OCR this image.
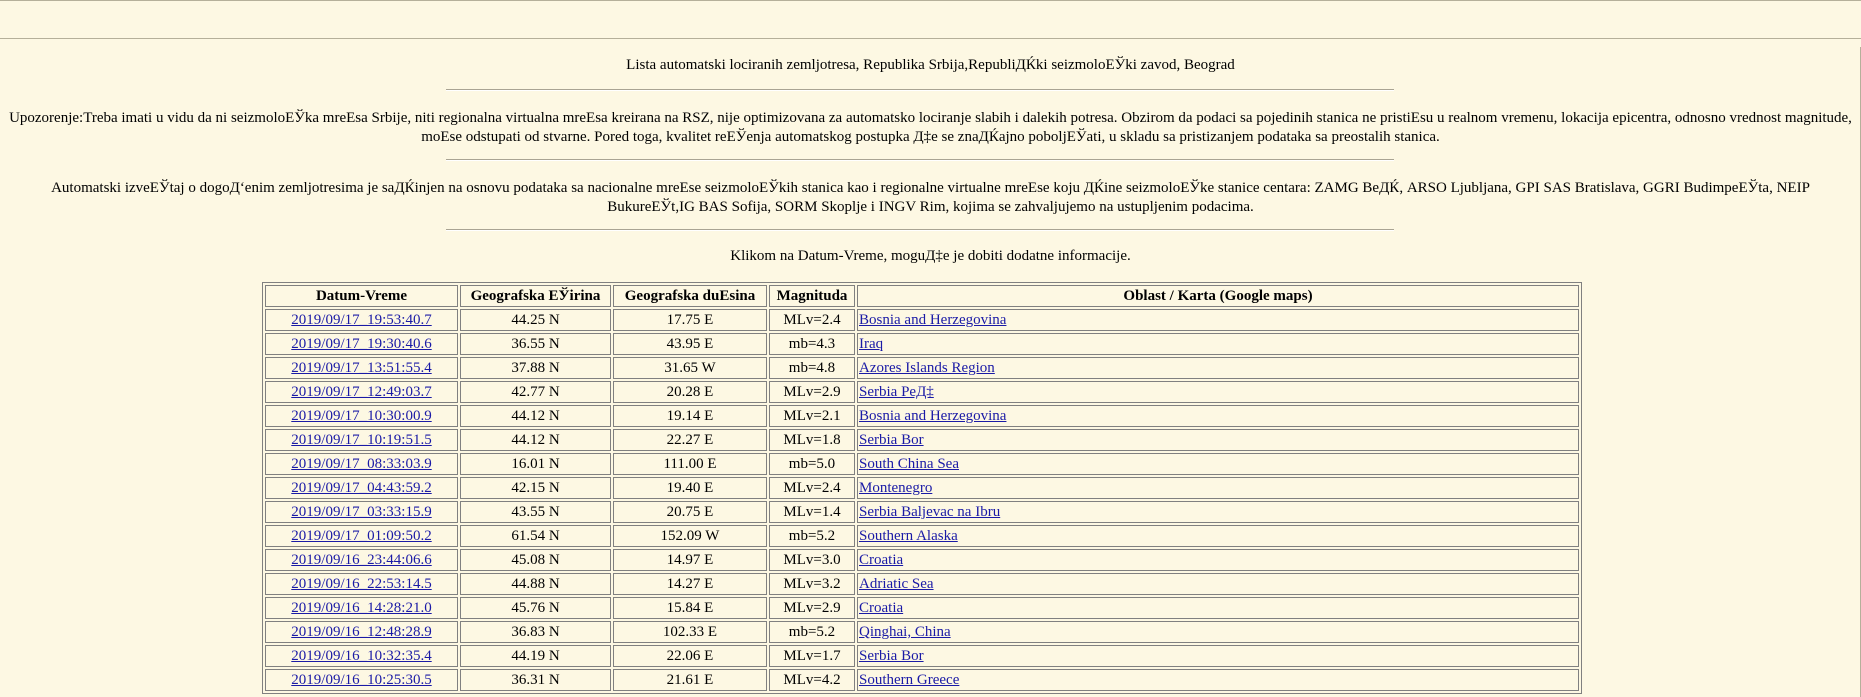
Lista automatski lociranih zemljotresa, Republika Srbija,RepubliДЌki seizmoloЕЎki zavod, Beograd
Upozorenje:Treba imati u vidu da ni seizmoloЕЎka mreЕѕa Srbije, niti regionalna virtualna mreЕѕa kreirana na RSZ, nije optimizovana za automatsko lociranje slabih i dalekih potresa. Obzirom da podaci sa pojedinih stanica ne pristiЕѕu u realnom vremenu, lokacija epicentra, odnosno vrednost magnitude, moЕѕe odstupati od stvarne. Pored toga, kvalitet reЕЎenja automatskog postupka Д‡e se znaДЌajno poboljЕЎati, u skladu sa pristizanjem podataka sa preostalih stanica.
Automatski izveЕЎtaj o dogoД‘enim zemljotresima je saДЌinjen na osnovu podataka sa nacionalne mreЕѕe seizmoloЕЎkih stanica kao i regionalne virtualne mreЕѕe koju ДЌine seizmoloЕЎke stanice centara: ZAMG BeДЌ, ARSO Ljubljana, GPI SAS Bratislava, GGRI BudimpeЕЎta, NEIP
BukureЕЎt,IG BAS Sofija, SORM Skoplje i INGV Rim, kojima se zahvaljujemo na ustupljenim podacima.
Klikom na Datum-Vreme, moguД‡e je dobiti dodatne informacije.
Datum-Vreme	Geografska ЕЎirina	Geografska duЕѕina	Magnituda	Oblast / Karta (Google maps)
2019/09/17_19:53:40.7	44.25 N	17.75 E	MLv=2.4	Bosnia and Herzegovina
2019/09/17_19:30:40.6	36.55 N	43.95 E	mb=4.3	Iraq
2019/09/17_13:51:55.4	37.88 N	31.65 W	mb=4.8	Azores Islands Region
2019/09/17_12:49:03.7	42.77 N	20.28 E	MLv=2.9	Serbia PeД‡
2019/09/17_10:30:00.9	44.12 N	19.14 E	MLv=2.1	Bosnia and Herzegovina
2019/09/17_10:19:51.5	44.12 N	22.27 E	MLv=1.8	Serbia Bor
2019/09/17_08:33:03.9	16.01 N	111.00 E	mb=5.0	South China Sea
2019/09/17_04:43:59.2	42.15 N	19.40 E	MLv=2.4	Montenegro
2019/09/17_03:33:15.9	43.55 N	20.75 E	MLv=1.4	Serbia Baljevac na Ibru
2019/09/17_01:09:50.2	61.54 N	152.09 W	mb=5.2	Southern Alaska
2019/09/16_23:44:06.6	45.08 N	14.97 E	MLv=3.0	Croatia
2019/09/16_22:53:14.5	44.88 N	14.27 E	MLv=3.2	Adriatic Sea
2019/09/16_14:28:21.0	45.76 N	15.84 E	MLv=2.9	Croatia
2019/09/16_12:48:28.9	36.83 N	102.33 E	mb=5.2	Qinghai, China
2019/09/16_10:32:35.4	44.19 N	22.06 E	MLv=1.7	Serbia Bor
2019/09/16_10:25:30.5	36.31 N	21.61 E	MLv=4.2	Southern Greece
